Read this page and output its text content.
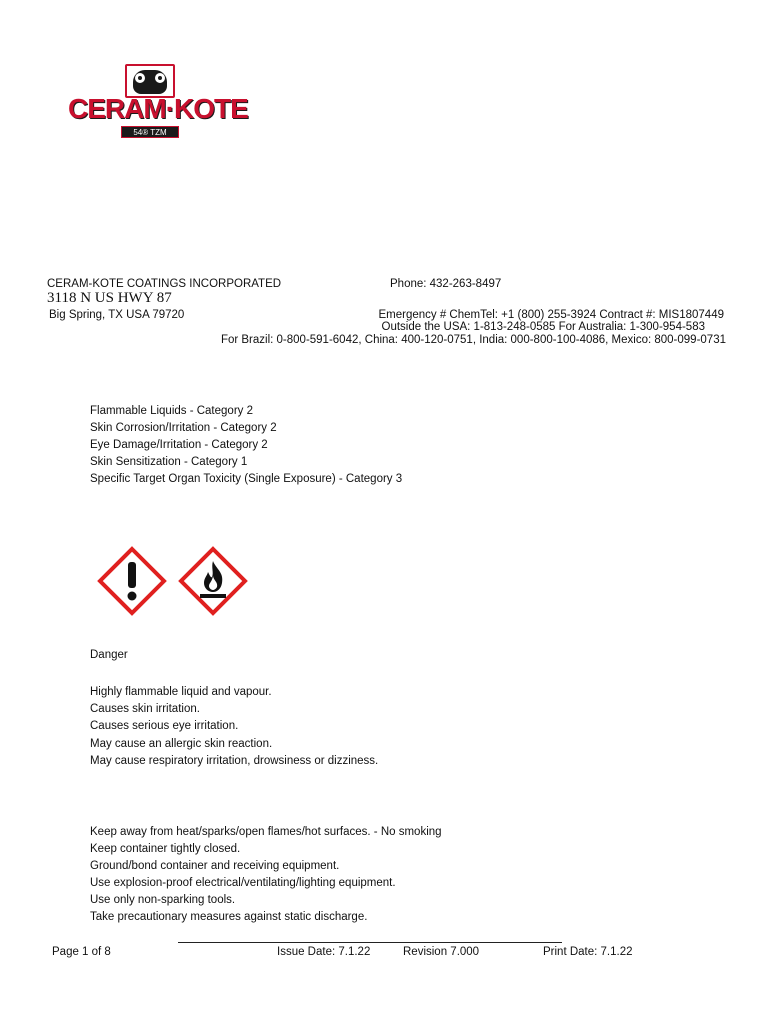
CERAM·KOTE
54® TZM
CERAM-KOTE COATINGS INCORPORATED
3118 N US HWY 87
Big Spring, TX USA 79720
Phone: 432-263-8497
Emergency # ChemTel: +1 (800) 255-3924 Contract #: MIS1807449
Outside the USA: 1-813-248-0585 For Australia: 1-300-954-583
For Brazil: 0-800-591-6042, China: 400-120-0751, India: 000-800-100-4086, Mexico: 800-099-0731
Flammable Liquids - Category 2
Skin Corrosion/Irritation - Category 2
Eye Damage/Irritation - Category 2
Skin Sensitization - Category 1
Specific Target Organ Toxicity (Single Exposure) - Category 3
Danger
Highly flammable liquid and vapour.
Causes skin irritation.
Causes serious eye irritation.
May cause an allergic skin reaction.
May cause respiratory irritation, drowsiness or dizziness.
Keep away from heat/sparks/open flames/hot surfaces. - No smoking
Keep container tightly closed.
Ground/bond container and receiving equipment.
Use explosion-proof electrical/ventilating/lighting equipment.
Use only non-sparking tools.
Take precautionary measures against static discharge.
Page 1 of 8	Issue Date: 7.1.22	Revision 7.000	Print Date: 7.1.22
